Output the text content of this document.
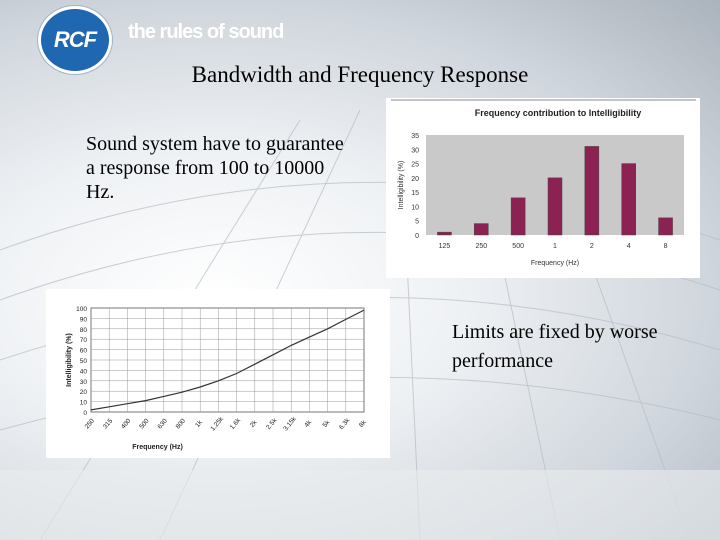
RCF the rules of sound
Bandwidth and Frequency Response
Sound system have to guarantee a response from 100 to 10000 Hz.
Limits are fixed by worse performance
Frequency contribution to Intelligibility
0
5
10
15
20
25
30
35
125	250	500	1	2	4	8
Frequency (Hz)
Intelligibility (%)
0
10
20
30
40
50
60
70
80
90
100
250 315 400 500 630 800 1k 1.25k 1.6k 2k 2.5k 3.15k 4k 5k 6.3k 8k
Frequency (Hz)
Intelligibility (%)
